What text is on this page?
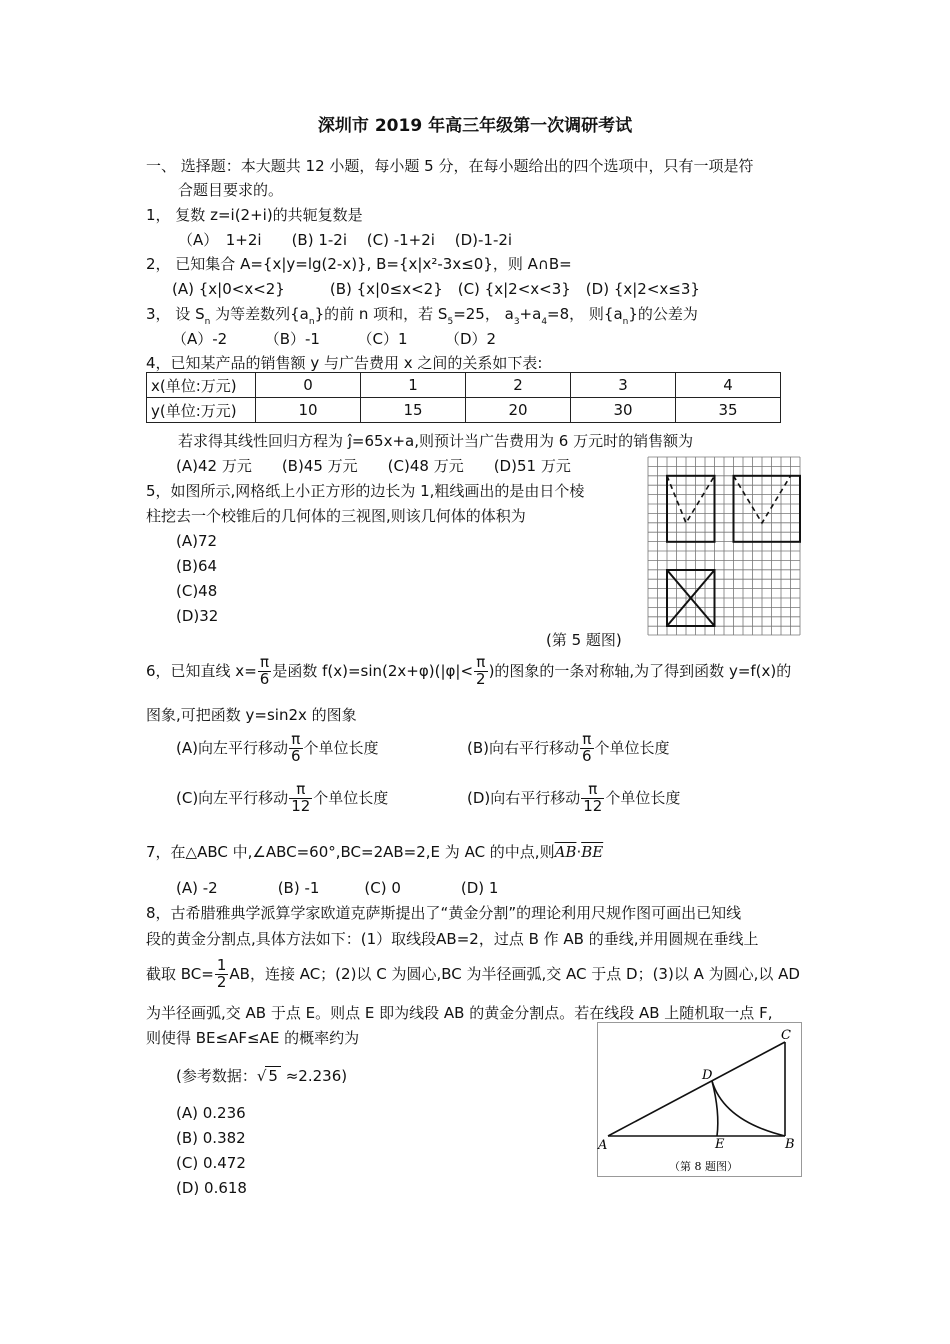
深圳市 2019 年高三年级第一次调研考试
一、 选择题：本大题共 12 小题，每小题 5 分，在每小题给出的四个选项中，只有一项是符
合题目要求的。
1， 复数 z=i(2+i)的共轭复数是
（A）　1+2i　　(B) 1-2i　 (C) -1+2i　 (D)-1-2i
2， 已知集合 A={x|y=lg(2-x)}, B={x|x²-3x≤0}，则 A∩B=
(A) {x|0<x<2}　　　(B) {x|0≤x<2}　(C) {x|2<x<3}　(D) {x|2<x≤3}
3， 设 $S_n$ 为等差数列$\{a_n\}$的前 n 项和，若 $S_5=25$， $a_3+a_4=8$， 则$\{a_n\}$的公差为
（A）-2　　　（B）-1　　　（C）1　　　（D）2
4，已知某产品的销售额 y 与广告费用 x 之间的关系如下表:
x(单位:万元)	0	1	2	3	4
y(单位:万元)	10	15	20	30	35
若求得其线性回归方程为 ĵ=65x+a,则预计当广告费用为 6 万元时的销售额为
(A)42 万元　　(B)45 万元　　(C)48 万元　　(D)51 万元
5，如图所示,网格纸上小正方形的边长为 1,粗线画出的是由日个棱
柱挖去一个校锥后的几何体的三视图,则该几何体的体积为
(A)72
(B)64
(C)48
(D)32
(第 5 题图)
6，已知直线 $x= \frac{\pi}{6}$ 是函数 $f(x)=\sin(2x+\varphi)(|\varphi|< \frac{\pi}{2}$ )的图象的一条对称轴,为了得到函数 y=f(x)的
图象,可把函数 y=sin2x 的图象
(A)向左平行移动 $\frac{\pi}{6}$ 个单位长度	(B)向右平行移动 $\frac{\pi}{6}$ 个单位长度
(C)向左平行移动 $\frac{\pi}{12}$ 个单位长度	(D)向右平行移动 $\frac{\pi}{12}$ 个单位长度
7，在△ABC 中,∠ABC=60°,BC=2AB=2,E 为 AC 的中点,则$\overline{AB}\cdot\overline{BE}$
(A) -2　　　　(B) -1　　　(C) 0　　　　(D) 1
8，古希腊雅典学派算学家欧道克萨斯提出了“黄金分割”的理论利用尺规作图可画出已知线
段的黄金分割点,具体方法如下：(1）取线段AB=2，过点 B 作 AB 的垂线,并用圆规在垂线上
截取 $BC= \frac{1}{2}$ AB，连接 AC；(2)以 C 为圆心,BC 为半径画弧,交 AC 于点 D；(3)以 A 为圆心,以 AD
为半径画弧,交 AB 于点 E。则点 E 即为线段 AB 的黄金分割点。若在线段 AB 上随机取一点 F,
则使得 BE≤AF≤AE 的概率约为
(参考数据：√ 5 ≈2.236)
(A) 0.236
(B) 0.382
(C) 0.472
(D) 0.618
C
D
A	E	B
（第 8 题图）
